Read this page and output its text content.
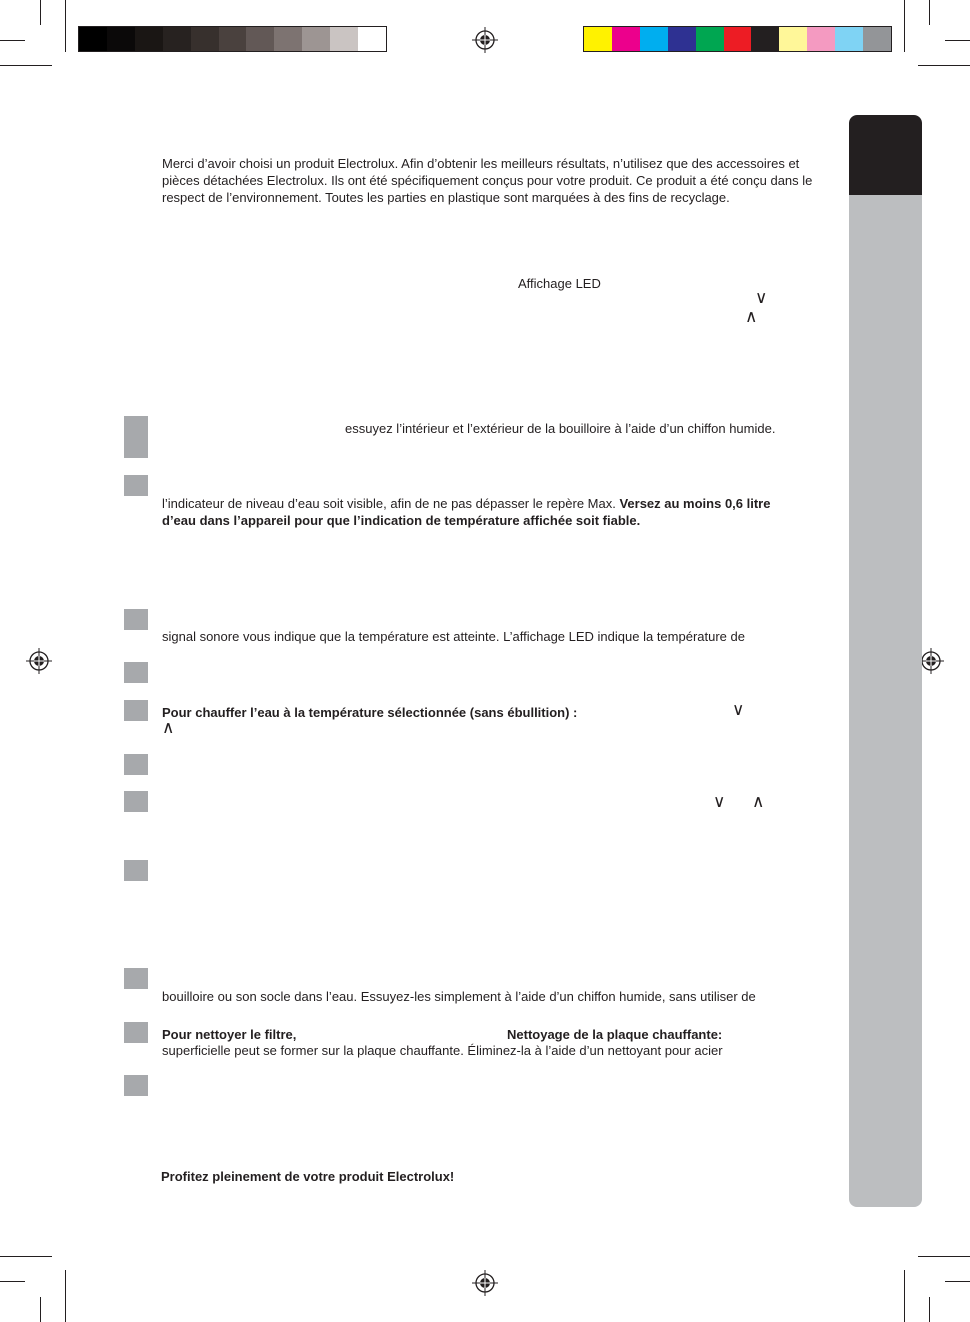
Merci d’avoir choisi un produit Electrolux. Afin d’obtenir les meilleurs résultats, n’utilisez que des accessoires et
pièces détachées Electrolux. Ils ont été spécifiquement conçus pour votre produit. Ce produit a été conçu dans le
respect de l’environnement. Toutes les parties en plastique sont marquées à des fins de recyclage.
Affichage LED
∨
∧
essuyez l’intérieur et l’extérieur de la bouilloire à l’aide d’un chiffon humide.
l’indicateur de niveau d’eau soit visible, afin de ne pas dépasser le repère Max. Versez au moins 0,6 litre
d’eau dans l’appareil pour que l’indication de température affichée soit fiable.
signal sonore vous indique que la température est atteinte. L’affichage LED indique la température de
Pour chauffer l’eau à la température sélectionnée (sans ébullition) :	∨
∧
∨ ∧
bouilloire ou son socle dans l’eau. Essuyez-les simplement à l’aide d’un chiffon humide, sans utiliser de
Pour nettoyer le filtre,	Nettoyage de la plaque chauffante:
superficielle peut se former sur la plaque chauffante. Éliminez-la à l’aide d’un nettoyant pour acier
Profitez pleinement de votre produit Electrolux!
